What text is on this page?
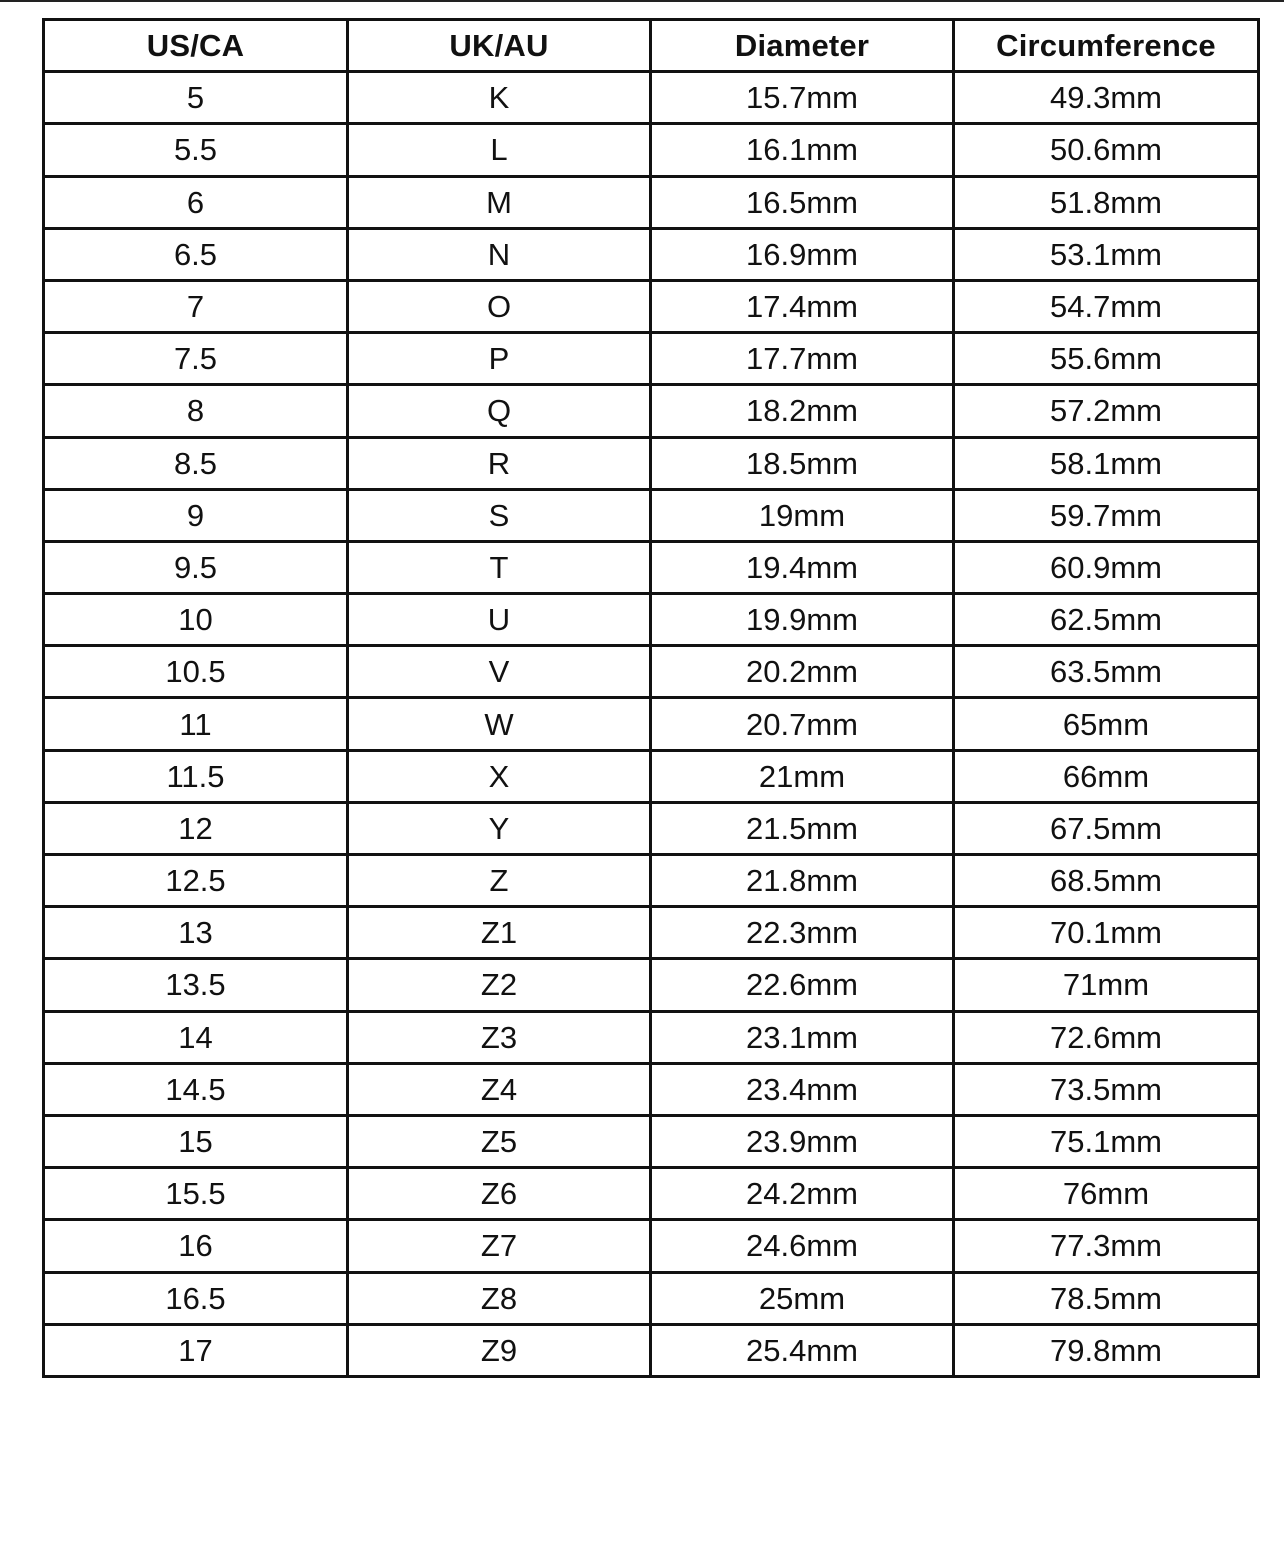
US/CA	UK/AU	Diameter	Circumference
5	K	15.7mm	49.3mm
5.5	L	16.1mm	50.6mm
6	M	16.5mm	51.8mm
6.5	N	16.9mm	53.1mm
7	O	17.4mm	54.7mm
7.5	P	17.7mm	55.6mm
8	Q	18.2mm	57.2mm
8.5	R	18.5mm	58.1mm
9	S	19mm	59.7mm
9.5	T	19.4mm	60.9mm
10	U	19.9mm	62.5mm
10.5	V	20.2mm	63.5mm
11	W	20.7mm	65mm
11.5	X	21mm	66mm
12	Y	21.5mm	67.5mm
12.5	Z	21.8mm	68.5mm
13	Z1	22.3mm	70.1mm
13.5	Z2	22.6mm	71mm
14	Z3	23.1mm	72.6mm
14.5	Z4	23.4mm	73.5mm
15	Z5	23.9mm	75.1mm
15.5	Z6	24.2mm	76mm
16	Z7	24.6mm	77.3mm
16.5	Z8	25mm	78.5mm
17	Z9	25.4mm	79.8mm
